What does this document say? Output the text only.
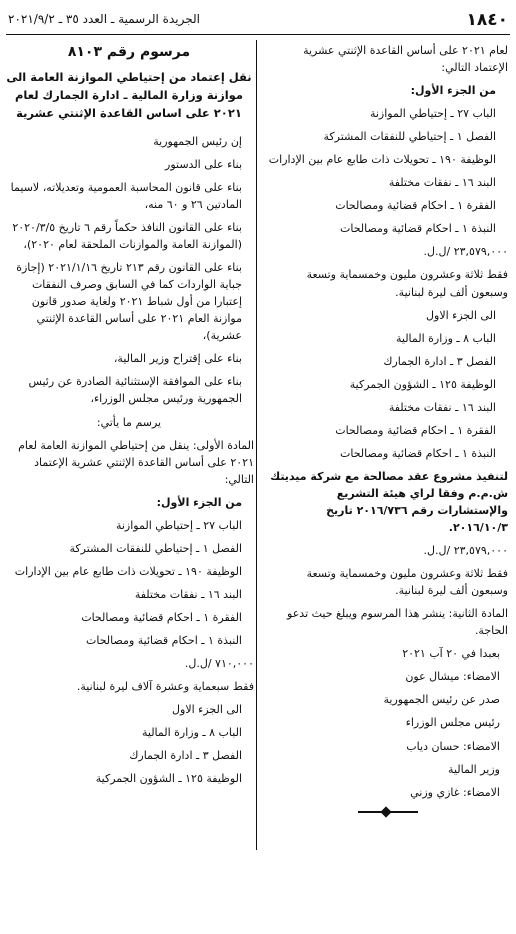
١٨٤٠
الجريدة الرسمية ـ العدد ٣٥ ـ ٢٠٢١/٩/٢

لعام ٢٠٢١ على أساس القاعدة الإثنتي عشرية الإعتماد التالي:

من الجزء الأول:

الباب ٢٧ ـ إحتياطي الموازنة

الفصل ١ ـ إحتياطي للنفقات المشتركة

الوظيفة ١٩٠ ـ تحويلات ذات طابع عام بين الإدارات

البند ١٦ ـ نفقات مختلفة

الفقرة ١ ـ احكام قضائية ومصالحات

النبذة ١ ـ احكام قضائية ومصالحات

٢٣,٥٧٩,٠٠٠ /ل.ل.

فقط ثلاثة وعشرون مليون وخمسماية وتسعة وسبعون ألف ليرة لبنانية.

الى الجزء الاول

الباب ٨ ـ وزارة المالية

الفصل ٣ ـ ادارة الجمارك

الوظيفة ١٢٥ ـ الشؤون الجمركية

البند ١٦ ـ نفقات مختلفة

الفقرة ١ ـ احكام قضائية ومصالحات

النبذة ١ ـ احكام قضائية ومصالحات

لتنفيذ مشروع عقد مصالحة مع شركة ميديتك ش.م.م وفقا لراي هيئة التشريع والإستشارات رقم ٢٠١٦/٧٣٦ تاريخ ٢٠١٦/١٠/٣.

٢٣,٥٧٩,٠٠٠ /ل.ل.

فقط ثلاثة وعشرون مليون وخمسماية وتسعة وسبعون ألف ليرة لبنانية.

المادة الثانية: ينشر هذا المرسوم ويبلغ حيث تدعو الحاجة.

بعبدا في ٢٠ آب ٢٠٢١

الامضاء: ميشال عون

صدر عن رئيس الجمهورية

رئيس مجلس الوزراء

الامضاء: حسان دياب

وزير المالية

الامضاء: غازي وزني

مرسوم رقم ٨١٠٣

نقل إعتماد من إحتياطي الموازنة العامة الى موازنة وزارة المالية ـ ادارة الجمارك لعام ٢٠٢١ على اساس القاعدة الإثنتي عشرية

إن رئيس الجمهورية

بناء على الدستور

بناء على قانون المحاسبة العمومية وتعديلاته، لاسيما المادتين ٢٦ و ٦٠ منه،

بناء على القانون النافذ حكماً رقم ٦ تاريخ ٢٠٢٠/٣/٥ (الموازنة العامة والموازنات الملحقة لعام ٢٠٢٠)،

بناء على القانون رقم ٢١٣ تاريخ ٢٠٢١/١/١٦ (إجازة جباية الواردات كما في السابق وصرف النفقات إعتبارا من أول شباط ٢٠٢١ ولغاية صدور قانون موازنة العام ٢٠٢١ على أساس القاعدة الإثنتي عشرية)،

بناء على إقتراح وزير المالية،

بناء على الموافقة الإستثنائية الصادرة عن رئيس الجمهورية ورئيس مجلس الوزراء،

يرسم ما يأتي:

المادة الأولى: ينقل من إحتياطي الموازنة العامة لعام ٢٠٢١ على أساس القاعدة الإثنتي عشرية الإعتماد التالي:

من الجزء الأول:

الباب ٢٧ ـ إحتياطي الموازنة

الفصل ١ ـ إحتياطي للنفقات المشتركة

الوظيفة ١٩٠ ـ تحويلات ذات طابع عام بين الإدارات

البند ١٦ ـ نفقات مختلفة

الفقرة ١ ـ احكام قضائية ومصالحات

النبذة ١ ـ احكام قضائية ومصالحات

٧١٠,٠٠٠ /ل.ل.

فقط سبعماية وعشرة آلاف ليرة لبنانية.

الى الجزء الاول

الباب ٨ ـ وزارة المالية

الفصل ٣ ـ ادارة الجمارك

الوظيفة ١٢٥ ـ الشؤون الجمركية
